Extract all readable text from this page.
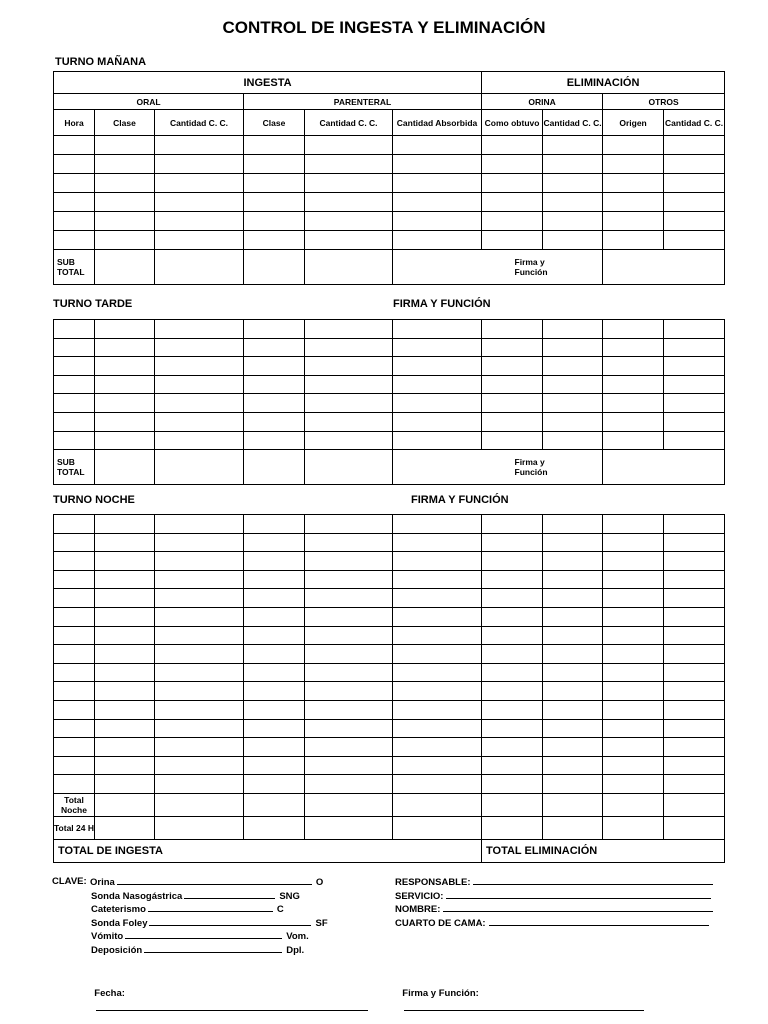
CONTROL DE INGESTA Y ELIMINACIÓN
TURNO MAÑANA
INGESTA						ELIMINACIÓN			
ORAL			PARENTERAL			ORINA		OTROS	
Hora	Clase	Cantidad C. C.	Clase	Cantidad C. C.	Cantidad Absorbida	Como obtuvo	Cantidad C. C.	Origen	Cantidad C. C.

SUB TOTAL					Firma y Función				
TURNO TARDE	FIRMA Y FUNCIÓN

SUB TOTAL					Firma y Función				
TURNO NOCHE	FIRMA Y FUNCIÓN

Total Noche									
Total 24 H									
TOTAL DE INGESTA						TOTAL ELIMINACIÓN			
CLAVE: Orina	O
Sonda Nasogástrica	SNG
Cateterismo	C
Sonda Foley	SF
Vómito	Vom.
Deposición	Dpl.
RESPONSABLE:
SERVICIO:
NOMBRE:
CUARTO DE CAMA:

Fecha:
	Firma y Función:
